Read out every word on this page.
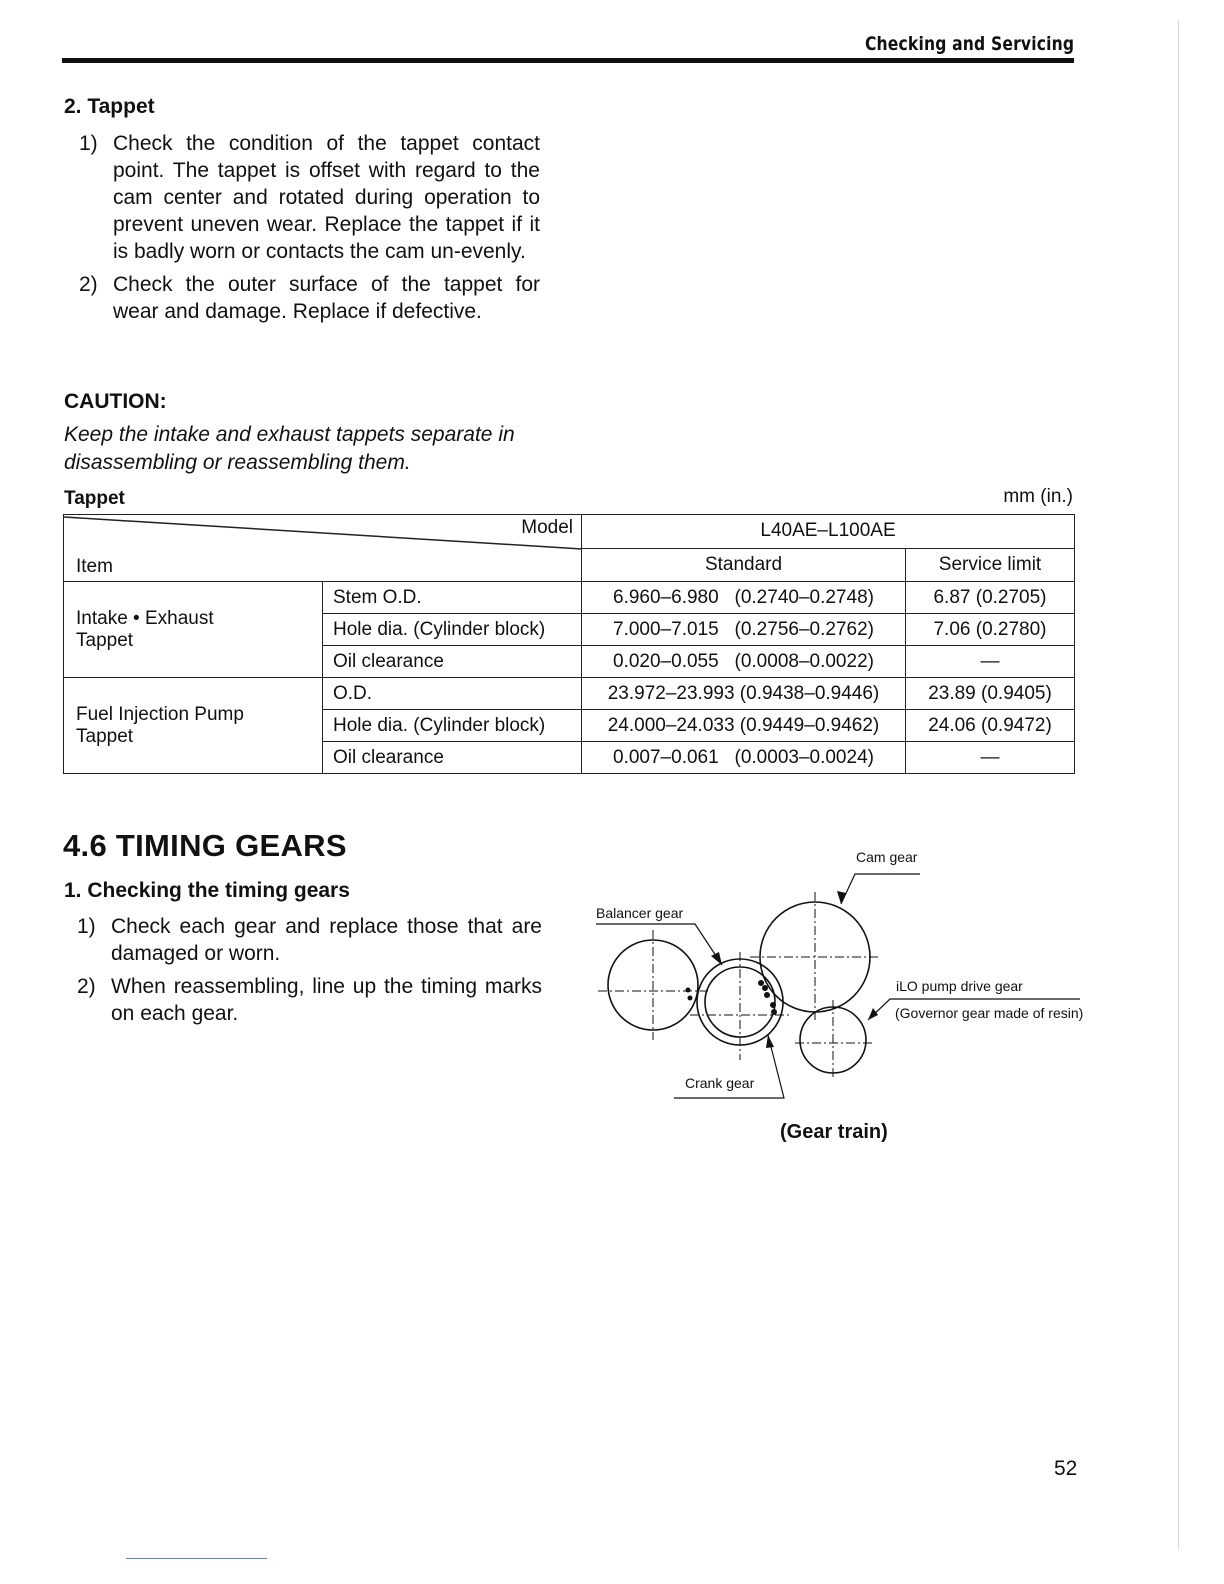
Checking and Servicing
2. Tappet
1) Check the condition of the tappet contact point. The tappet is offset with regard to the cam center and rotated during operation to prevent uneven wear. Replace the tappet if it is badly worn or contacts the cam un-evenly.
2) Check the outer surface of the tappet for wear and damage. Replace if defective.
CAUTION:
Keep the intake and exhaust tappets separate in disassembling or reassembling them.
Tappet	mm (in.)
Model
Item		L40AE–L100AE	
		Standard	Service limit

Intake • Exhaust
Tappet	Stem O.D.	6.960–6.980   (0.2740–0.2748)	6.87 (0.2705)
	Hole dia. (Cylinder block)	7.000–7.015   (0.2756–0.2762)	7.06 (0.2780)
	Oil clearance	0.020–0.055   (0.0008–0.0022)	—

Fuel Injection Pump
Tappet	O.D.	23.972–23.993 (0.9438–0.9446)	23.89 (0.9405)
	Hole dia. (Cylinder block)	24.000–24.033 (0.9449–0.9462)	24.06 (0.9472)
	Oil clearance	0.007–0.061   (0.0003–0.0024)	—
4.6 TIMING GEARS
1. Checking the timing gears
1) Check each gear and replace those that are damaged or worn.
2) When reassembling, line up the timing marks on each gear.
Cam gear
Balancer gear
iLO pump drive gear
(Governor gear made of resin)
Crank gear
(Gear train)
52
